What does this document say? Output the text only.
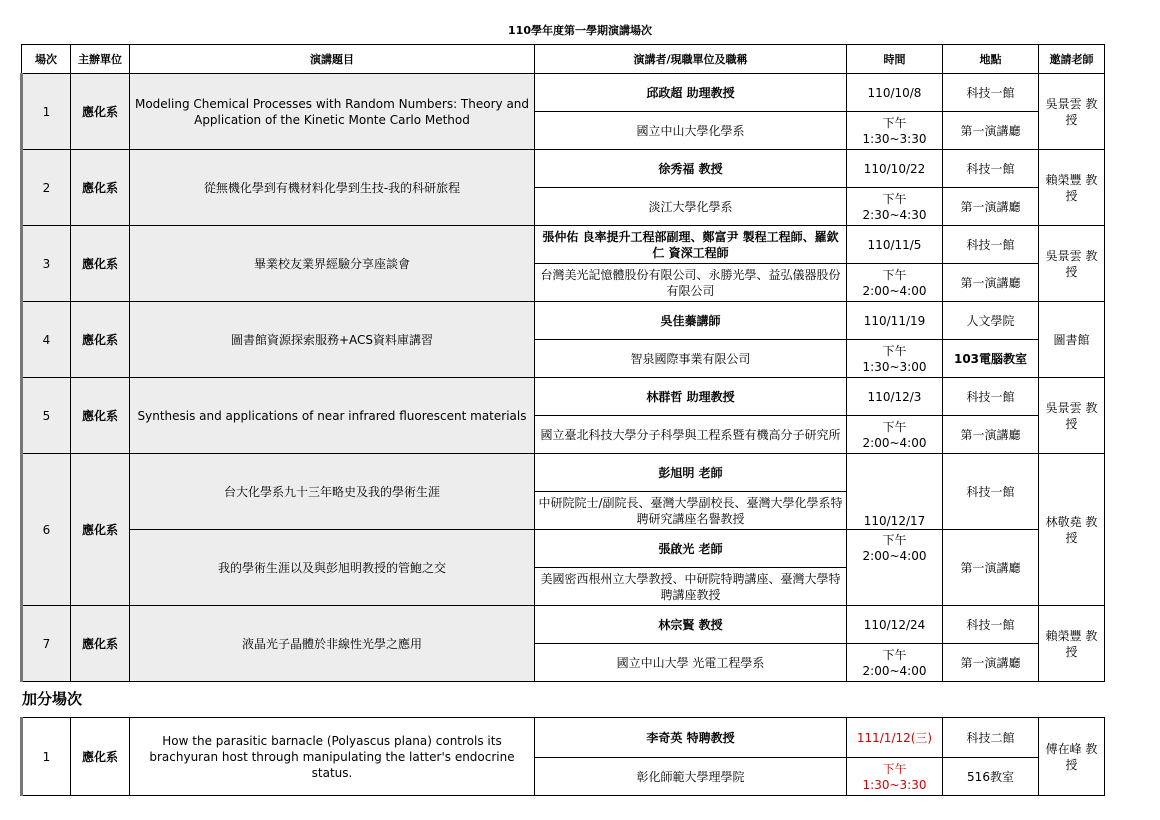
110學年度第一學期演講場次
場次	主辦單位	演講題目	演講者/現職單位及職稱	時間	地點	邀請老師
1	應化系	Modeling Chemical Processes with Random Numbers: Theory and Application of the Kinetic Monte Carlo Method	邱政超 助理教授	110/10/8	科技一館	吳景雲 教授
			國立中山大學化學系	下午 1:30~3:30	第一演講廳	
2	應化系	從無機化學到有機材料化學到生技-我的科研旅程	徐秀福 教授	110/10/22	科技一館	賴榮豐 教授
			淡江大學化學系	下午 2:30~4:30	第一演講廳	
3	應化系	畢業校友業界經驗分享座談會	張仲佑 良率提升工程部副理、鄭富尹 製程工程師、羅欽仁 資深工程師	110/11/5	科技一館	吳景雲 教授
			台灣美光記憶體股份有限公司、永勝光學、益弘儀器股份有限公司	下午 2:00~4:00	第一演講廳	
4	應化系	圖書館資源探索服務+ACS資料庫講習	吳佳蓁講師	110/11/19	人文學院	圖書館
			智泉國際事業有限公司	下午 1:30~3:00	103電腦教室	
5	應化系	Synthesis and applications of near infrared fluorescent materials	林群哲 助理教授	110/12/3	科技一館	吳景雲 教授
			國立臺北科技大學分子科學與工程系暨有機高分子研究所	下午 2:00~4:00	第一演講廳	
6	應化系	台大化學系九十三年略史及我的學術生涯	彭旭明 老師	110/12/17	科技一館	林敬堯 教授
			中研院院士/副院長、臺灣大學副校長、臺灣大學化學系特聘研究講座名譽教授			
		我的學術生涯以及與彭旭明教授的管鮑之交	張啟光 老師	下午 2:00~4:00	第一演講廳	
			美國密西根州立大學教授、中研院特聘講座、臺灣大學特聘講座教授			
7	應化系	液晶光子晶體於非線性光學之應用	林宗賢 教授	110/12/24	科技一館	賴榮豐 教授
			國立中山大學 光電工程學系	下午 2:00~4:00	第一演講廳	
加分場次
1	應化系	How the parasitic barnacle (Polyascus plana) controls its brachyuran host through manipulating the latter's endocrine status.	李奇英 特聘教授	111/1/12(三)	科技二館	傅在峰 教授
			彰化師範大學理學院	下午 1:30~3:30	516教室	
